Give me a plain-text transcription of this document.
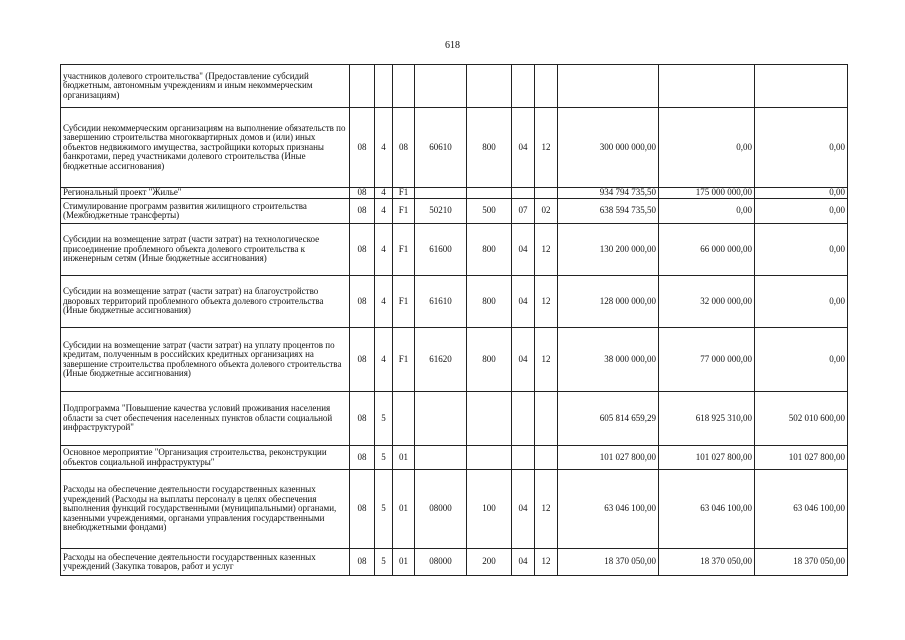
618
участников долевого строительства" (Предоставление субсидий бюджетным, автономным учреждениям и иным некоммерческим организациям)										
Субсидии некоммерческим организациям на выполнение обязательств по завершению строительства многоквартирных домов и (или) иных объектов недвижимого имущества, застройщики которых признаны банкротами, перед участниками долевого строительства (Иные бюджетные ассигнования)	08	4	08	60610	800	04	12	300 000 000,00	0,00	0,00
Региональный проект "Жилье"	08	4	F1					934 794 735,50	175 000 000,00	0,00
Стимулирование программ развития жилищного строительства (Межбюджетные трансферты)	08	4	F1	50210	500	07	02	638 594 735,50	0,00	0,00
Субсидии на возмещение затрат (части затрат) на технологическое присоединение проблемного объекта долевого строительства к инженерным сетям (Иные бюджетные ассигнования)	08	4	F1	61600	800	04	12	130 200 000,00	66 000 000,00	0,00
Субсидии на возмещение затрат (части затрат) на благоустройство дворовых территорий проблемного объекта долевого строительства (Иные бюджетные ассигнования)	08	4	F1	61610	800	04	12	128 000 000,00	32 000 000,00	0,00
Субсидии на возмещение затрат (части затрат) на уплату процентов по кредитам, полученным в российских кредитных организациях на завершение строительства проблемного объекта долевого строительства (Иные бюджетные ассигнования)	08	4	F1	61620	800	04	12	38 000 000,00	77 000 000,00	0,00
Подпрограмма "Повышение качества условий проживания населения области за счет обеспечения населенных пунктов области социальной инфраструктурой"	08	5						605 814 659,29	618 925 310,00	502 010 600,00
Основное мероприятие "Организация строительства, реконструкции объектов социальной инфраструктуры"	08	5	01					101 027 800,00	101 027 800,00	101 027 800,00
Расходы на обеспечение деятельности государственных казенных учреждений (Расходы на выплаты персоналу в целях обеспечения выполнения функций государственными (муниципальными) органами, казенными учреждениями, органами управления государственными внебюджетными фондами)	08	5	01	08000	100	04	12	63 046 100,00	63 046 100,00	63 046 100,00
Расходы на обеспечение деятельности государственных казенных учреждений (Закупка товаров, работ и услуг	08	5	01	08000	200	04	12	18 370 050,00	18 370 050,00	18 370 050,00
